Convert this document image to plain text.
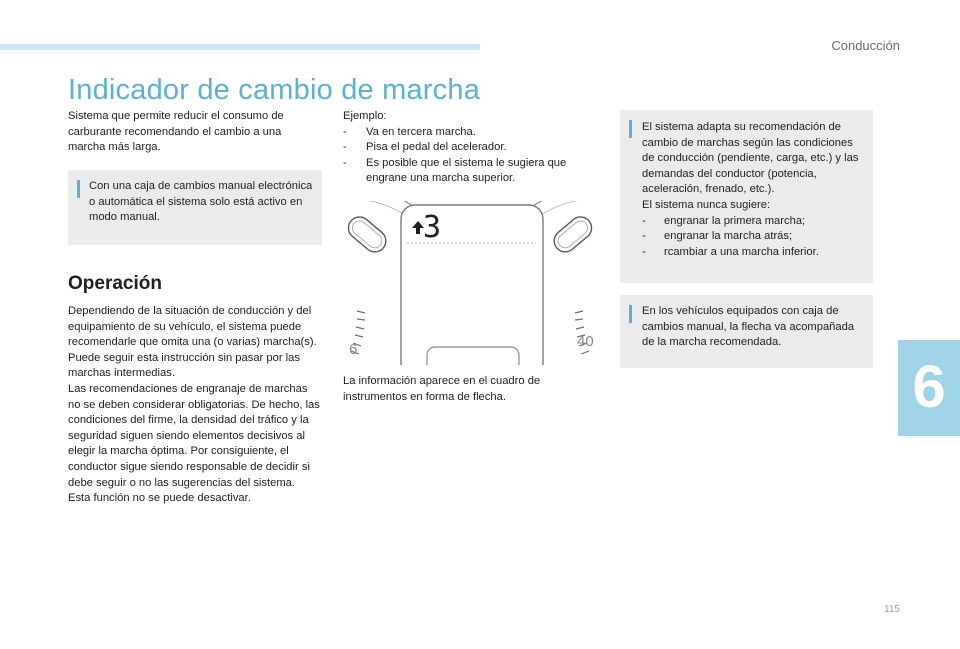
Conducción
6
Indicador de cambio de marcha

Sistema que permite reducir el consumo de carburante recomendando el cambio a una marcha más larga.

Con una caja de cambios manual electrónica o automática el sistema solo está activo en modo manual.

Operación

Dependiendo de la situación de conducción y del equipamiento de su vehículo, el sistema puede recomendarle que omita una (o varias) marcha(s). Puede seguir esta instrucción sin pasar por las marchas intermedias.
Las recomendaciones de engranaje de marchas no se deben considerar obligatorias. De hecho, las condiciones del firme, la densidad del tráfico y la seguridad siguen siendo elementos decisivos al elegir la marcha óptima. Por consiguiente, el conductor sigue siendo responsable de decidir si debe seguir o no las sugerencias del sistema.
Esta función no se puede desactivar.

Ejemplo:
- Va en tercera marcha.
- Pisa el pedal del acelerador.
- Es posible que el sistema le sugiera que engrane una marcha superior.
3
6	40

La información aparece en el cuadro de instrumentos en forma de flecha.

El sistema adapta su recomendación de cambio de marchas según las condiciones de conducción (pendiente, carga, etc.) y las demandas del conductor (potencia, aceleración, frenado, etc.).
El sistema nunca sugiere:
- engranar la primera marcha;
- engranar la marcha atrás;
- rcambiar a una marcha inferior.

En los vehículos equipados con caja de cambios manual, la flecha va acompañada de la marcha recomendada.

115
